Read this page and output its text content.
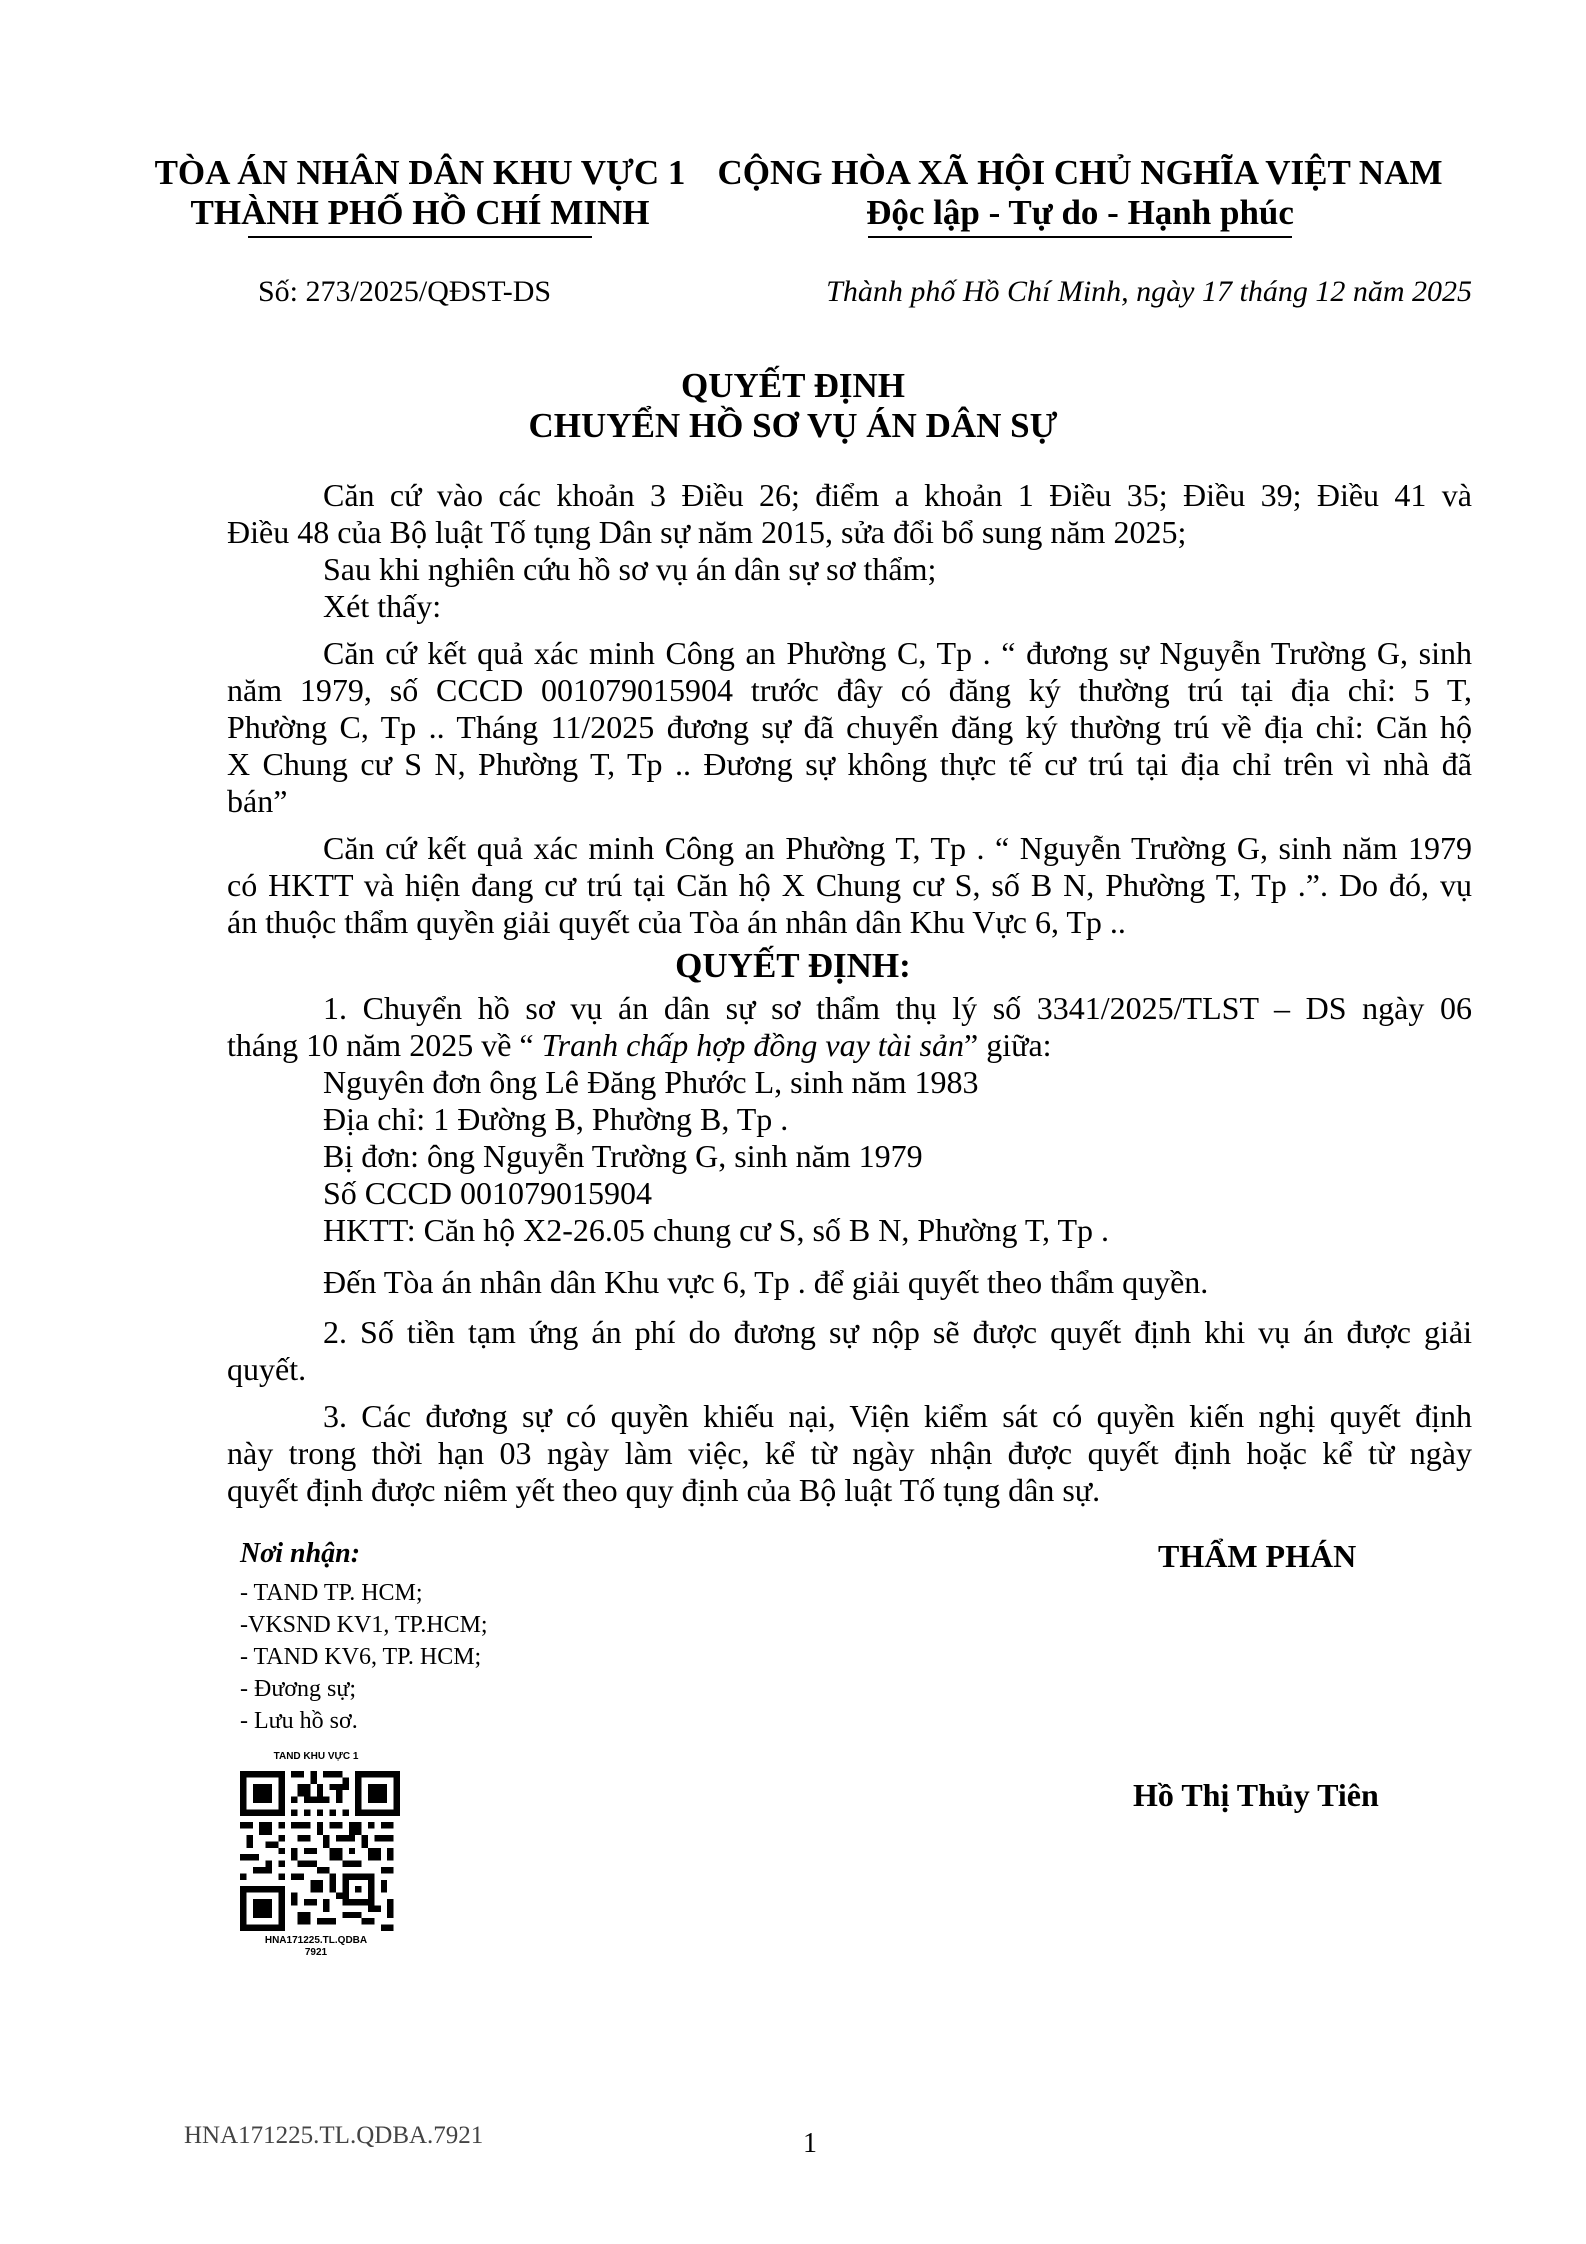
TÒA ÁN NHÂN DÂN KHU VỰC 1
THÀNH PHỐ HỒ CHÍ MINH
CỘNG HÒA XÃ HỘI CHỦ NGHĨA VIỆT NAM
Độc lập - Tự do - Hạnh phúc
Số: 273/2025/QĐST-DS	Thành phố Hồ Chí Minh, ngày 17 tháng 12 năm 2025
QUYẾT ĐỊNH
CHUYỂN HỒ SƠ VỤ ÁN DÂN SỰ
Căn cứ vào các khoản 3 Điều 26; điểm a khoản 1 Điều 35; Điều 39; Điều 41 và
Điều 48 của Bộ luật Tố tụng Dân sự năm 2015, sửa đổi bổ sung năm 2025;
Sau khi nghiên cứu hồ sơ vụ án dân sự sơ thẩm;
Xét thấy:
Căn cứ kết quả xác minh Công an Phường C, Tp . “ đương sự Nguyễn Trường G, sinh
năm 1979, số CCCD 001079015904 trước đây có đăng ký thường trú tại địa chỉ: 5 T,
Phường C, Tp .. Tháng 11/2025 đương sự đã chuyển đăng ký thường trú về địa chỉ: Căn hộ
X Chung cư S N, Phường T, Tp .. Đương sự không thực tế cư trú tại địa chỉ trên vì nhà đã
bán”
Căn cứ kết quả xác minh Công an Phường T, Tp . “ Nguyễn Trường G, sinh năm 1979
có HKTT và hiện đang cư trú tại Căn hộ X Chung cư S, số B N, Phường T, Tp .”. Do đó, vụ
án thuộc thẩm quyền giải quyết của Tòa án nhân dân Khu Vực 6, Tp ..
QUYẾT ĐỊNH:
1. Chuyển hồ sơ vụ án dân sự sơ thẩm thụ lý số 3341/2025/TLST – DS ngày 06
tháng 10 năm 2025 về “ Tranh chấp hợp đồng vay tài sản” giữa:
Nguyên đơn ông Lê Đăng Phước L, sinh năm 1983
Địa chỉ: 1 Đường B, Phường B, Tp .
Bị đơn: ông Nguyễn Trường G, sinh năm 1979
Số CCCD 001079015904
HKTT: Căn hộ X2-26.05 chung cư S, số B N, Phường T, Tp .
Đến Tòa án nhân dân Khu vực 6, Tp . để giải quyết theo thẩm quyền.
2. Số tiền tạm ứng án phí do đương sự nộp sẽ được quyết định khi vụ án được giải
quyết.
3. Các đương sự có quyền khiếu nại, Viện kiểm sát có quyền kiến nghị quyết định
này trong thời hạn 03 ngày làm việc, kể từ ngày nhận được quyết định hoặc kể từ ngày
quyết định được niêm yết theo quy định của Bộ luật Tố tụng dân sự.
Nơi nhận:
- TAND TP. HCM;
-VKSND KV1, TP.HCM;
- TAND KV6, TP. HCM;
- Đương sự;
- Lưu hồ sơ.
THẨM PHÁN
Hồ Thị Thủy Tiên
TAND KHU VỰC 1
HNA171225.TL.QDBA
7921
HNA171225.TL.QDBA.7921	1
